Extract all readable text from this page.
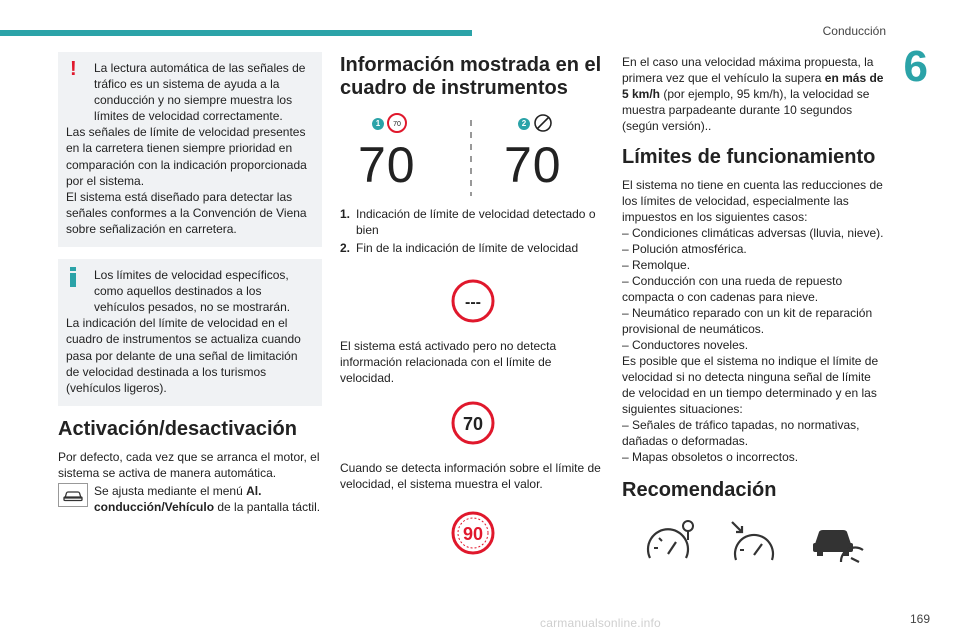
Conducción
6
!	La lectura automática de las señales de tráfico es un sistema de ayuda a la conducción y no siempre muestra los límites de velocidad correctamente.

Las señales de límite de velocidad presentes en la carretera tienen siempre prioridad en comparación con la indicación proporcionada por el sistema.

El sistema está diseñado para detectar las señales conformes a la Convención de Viena sobre señalización en carretera.

Los límites de velocidad específicos, como aquellos destinados a los vehículos pesados, no se mostrarán.

La indicación del límite de velocidad en el cuadro de instrumentos se actualiza cuando pasa por delante de una señal de limitación de velocidad destinada a los turismos (vehículos ligeros).

Activación/desactivación

Por defecto, cada vez que se arranca el motor, el sistema se activa de manera automática.

Se ajusta mediante el menú Al. conducción/Vehículo de la pantalla táctil.

Información mostrada en el cuadro de instrumentos
1	70
70
2
70
1. Indicación de límite de velocidad detectado o bien
2. Fin de la indicación de límite de velocidad
---

El sistema está activado pero no detecta información relacionada con el límite de velocidad.

70

Cuando se detecta información sobre el límite de velocidad, el sistema muestra el valor.

90

En el caso una velocidad máxima propuesta, la primera vez que el vehículo la supera en más de 5 km/h (por ejemplo, 95 km/h), la velocidad se muestra parpadeante durante 10 segundos (según versión)..

Límites de funcionamiento

El sistema no tiene en cuenta las reducciones de los límites de velocidad, especialmente las impuestos en los siguientes casos:

– Condiciones climáticas adversas (lluvia, nieve).

– Polución atmosférica.

– Remolque.

– Conducción con una rueda de repuesto compacta o con cadenas para nieve.

– Neumático reparado con un kit de reparación provisional de neumáticos.

– Conductores noveles.

Es posible que el sistema no indique el límite de velocidad si no detecta ninguna señal de límite de velocidad en un tiempo determinado y en las siguientes situaciones:

– Señales de tráfico tapadas, no normativas, dañadas o deformadas.

– Mapas obsoletos o incorrectos.

Recomendación
169
carmanualsonline.info
